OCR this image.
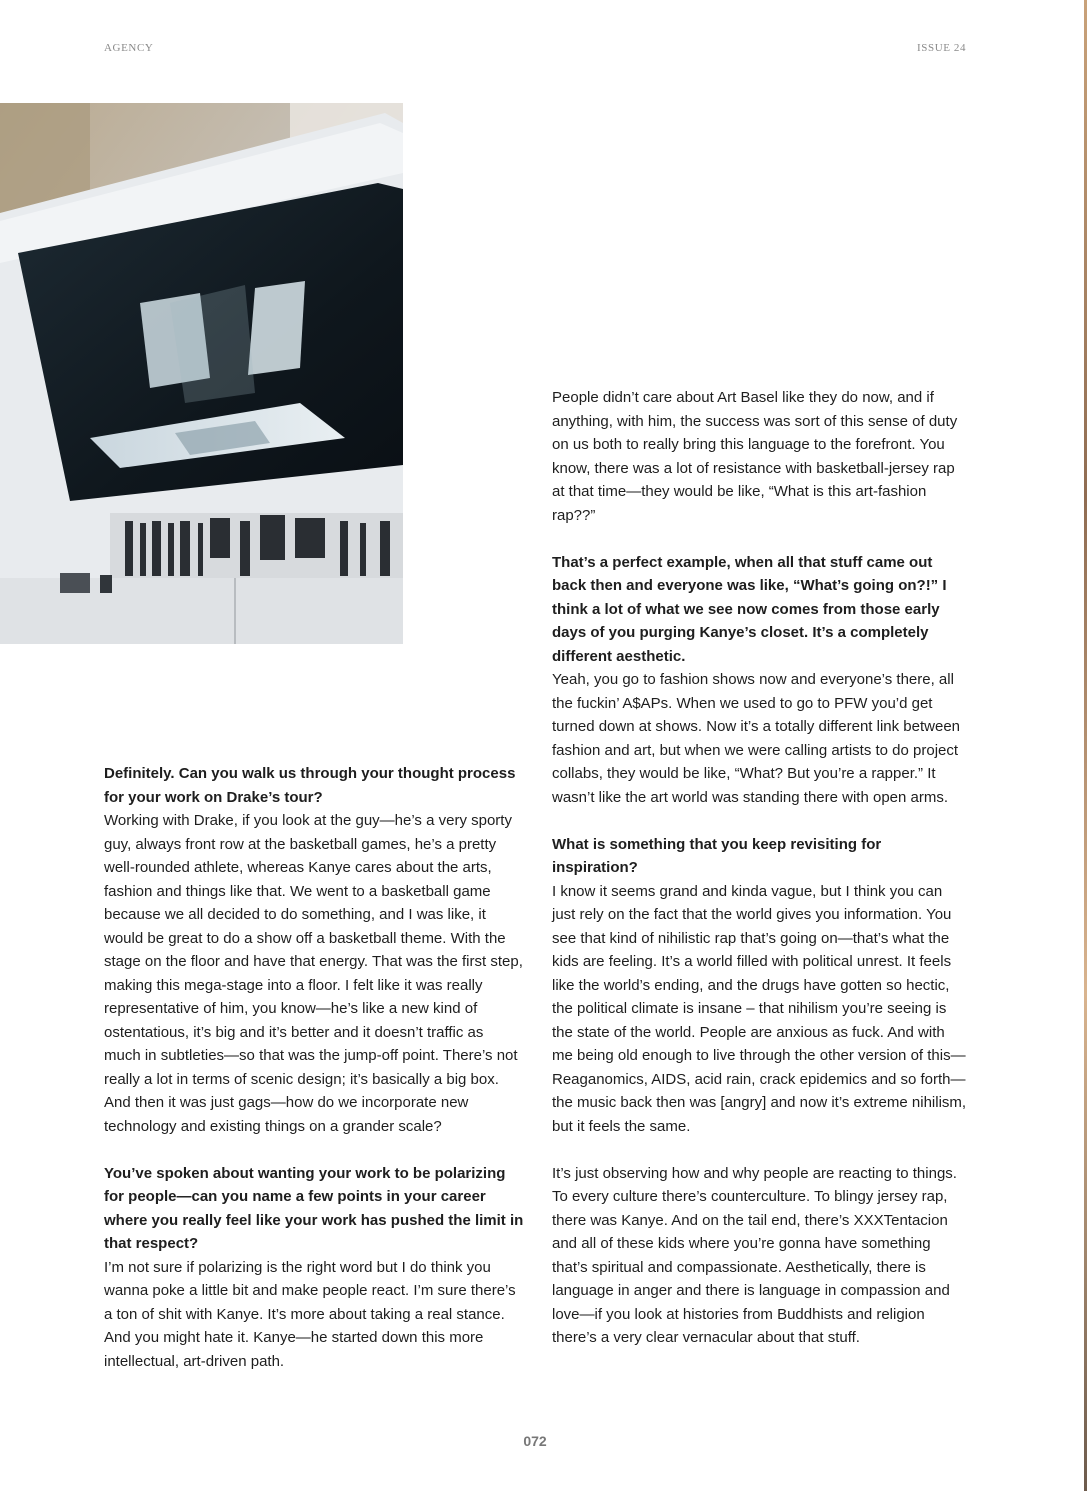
AGENCY	ISSUE 24

Definitely. Can you walk us through your thought process for your work on Drake’s tour?

Working with Drake, if you look at the guy—he’s a very sporty guy, always front row at the basketball games, he’s a pretty well-rounded athlete, whereas Kanye cares about the arts, fashion and things like that. We went to a basketball game because we all decided to do something, and I was like, it would be great to do a show off a basketball theme. With the stage on the floor and have that energy. That was the first step, making this mega-stage into a floor. I felt like it was really representative of him, you know—he’s like a new kind of ostentatious, it’s big and it’s better and it doesn’t traffic as much in subtleties—so that was the jump-off point. There’s not really a lot in terms of scenic design; it’s basically a big box. And then it was just gags—how do we incorporate new technology and existing things on a grander scale?

You’ve spoken about wanting your work to be polarizing for people—can you name a few points in your career where you really feel like your work has pushed the limit in that respect?

I’m not sure if polarizing is the right word but I do think you wanna poke a little bit and make people react. I’m sure there’s a ton of shit with Kanye. It’s more about taking a real stance. And you might hate it. Kanye—he started down this more intellectual, art-driven path.

People didn’t care about Art Basel like they do now, and if anything, with him, the success was sort of this sense of duty on us both to really bring this language to the forefront. You know, there was a lot of resistance with basketball-jersey rap at that time—they would be like, “What is this art-fashion rap??”

That’s a perfect example, when all that stuff came out back then and everyone was like, “What’s going on?!” I think a lot of what we see now comes from those early days of you purging Kanye’s closet. It’s a completely different aesthetic.

Yeah, you go to fashion shows now and everyone’s there, all the fuckin’ A$APs. When we used to go to PFW you’d get turned down at shows. Now it’s a totally different link between fashion and art, but when we were calling artists to do project collabs, they would be like, “What? But you’re a rapper.” It wasn’t like the art world was standing there with open arms.

What is something that you keep revisiting for inspiration?

I know it seems grand and kinda vague, but I think you can just rely on the fact that the world gives you information. You see that kind of nihilistic rap that’s going on—that’s what the kids are feeling. It’s a world filled with political unrest. It feels like the world’s ending, and the drugs have gotten so hectic, the political climate is insane – that nihilism you’re seeing is the state of the world. People are anxious as fuck. And with me being old enough to live through the other version of this—Reaganomics, AIDS, acid rain, crack epidemics and so forth—the music back then was [angry] and now it’s extreme nihilism, but it feels the same.

It’s just observing how and why people are reacting to things. To every culture there’s counterculture. To blingy jersey rap, there was Kanye. And on the tail end, there’s XXXTentacion and all of these kids where you’re gonna have something that’s spiritual and compassionate. Aesthetically, there is language in anger and there is language in compassion and love—if you look at histories from Buddhists and religion there’s a very clear vernacular about that stuff.

072
